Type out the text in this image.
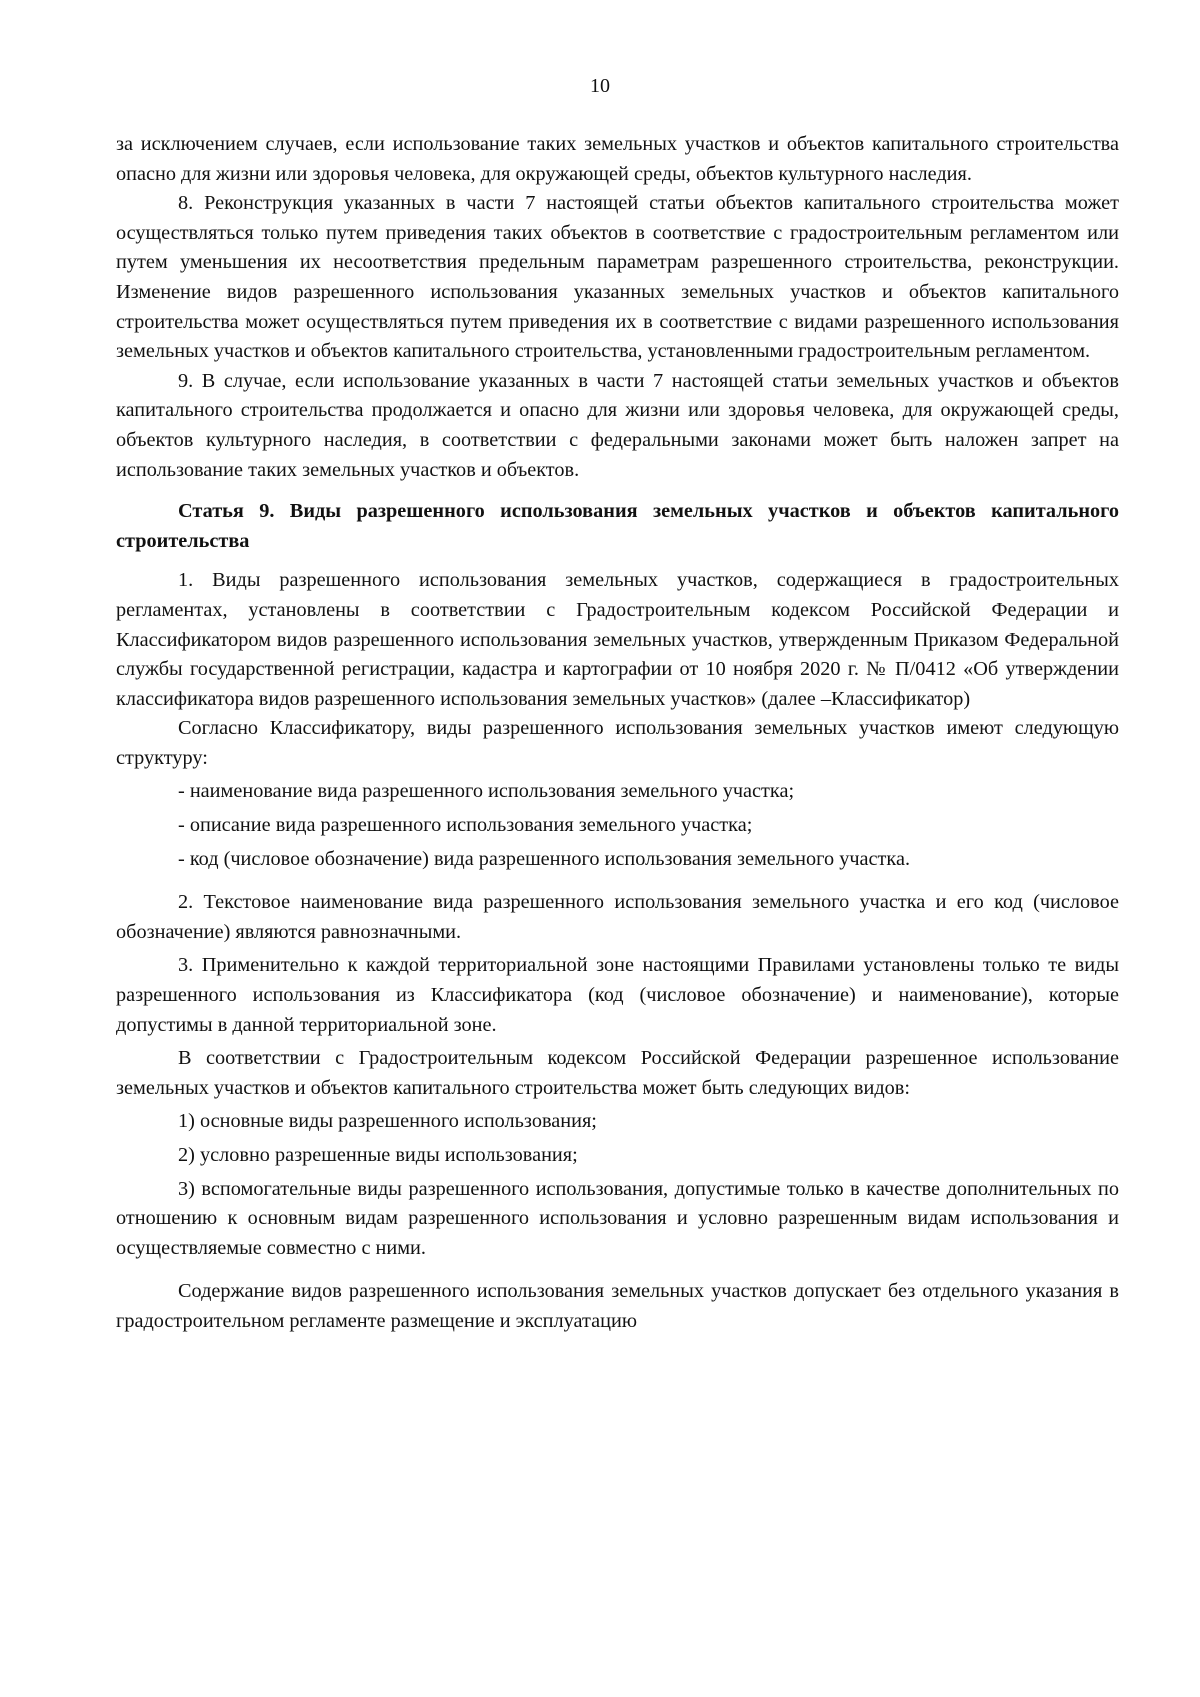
10

за исключением случаев, если использование таких земельных участков и объектов капитального строительства опасно для жизни или здоровья человека, для окружающей среды, объектов культурного наследия.

8. Реконструкция указанных в части 7 настоящей статьи объектов капитального строительства может осуществляться только путем приведения таких объектов в соответствие с градостроительным регламентом или путем уменьшения их несоответствия предельным параметрам разрешенного строительства, реконструкции. Изменение видов разрешенного использования указанных земельных участков и объектов капитального строительства может осуществляться путем приведения их в соответствие с видами разрешенного использования земельных участков и объектов капитального строительства, установленными градостроительным регламентом.

9. В случае, если использование указанных в части 7 настоящей статьи земельных участков и объектов капитального строительства продолжается и опасно для жизни или здоровья человека, для окружающей среды, объектов культурного наследия, в соответствии с федеральными законами может быть наложен запрет на использование таких земельных участков и объектов.

Статья 9. Виды разрешенного использования земельных участков и объектов капитального строительства

1. Виды разрешенного использования земельных участков, содержащиеся в градостроительных регламентах, установлены в соответствии с Градостроительным кодексом Российской Федерации и Классификатором видов разрешенного использования земельных участков, утвержденным Приказом Федеральной службы государственной регистрации, кадастра и картографии от 10 ноября 2020 г. № П/0412 «Об утверждении классификатора видов разрешенного использования земельных участков» (далее –Классификатор)

Согласно Классификатору, виды разрешенного использования земельных участков имеют следующую структуру:

- наименование вида разрешенного использования земельного участка;

- описание вида разрешенного использования земельного участка;

- код (числовое обозначение) вида разрешенного использования земельного участка.

2. Текстовое наименование вида разрешенного использования земельного участка и его код (числовое обозначение) являются равнозначными.

3. Применительно к каждой территориальной зоне настоящими Правилами установлены только те виды разрешенного использования из Классификатора (код (числовое обозначение) и наименование), которые допустимы в данной территориальной зоне.

В соответствии с Градостроительным кодексом Российской Федерации разрешенное использование земельных участков и объектов капитального строительства может быть следующих видов:

1) основные виды разрешенного использования;

2) условно разрешенные виды использования;

3) вспомогательные виды разрешенного использования, допустимые только в качестве дополнительных по отношению к основным видам разрешенного использования и условно разрешенным видам использования и осуществляемые совместно с ними.

Содержание видов разрешенного использования земельных участков допускает без отдельного указания в градостроительном регламенте размещение и эксплуатацию
